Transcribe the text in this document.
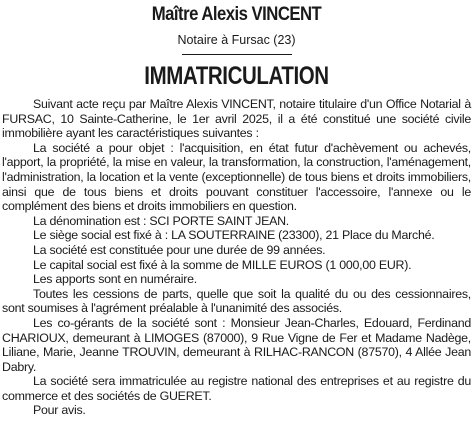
Maître Alexis VINCENT
Notaire à Fursac (23)
IMMATRICULATION

Suivant acte reçu par Maître Alexis VINCENT, notaire titulaire d'un Office Notarial à FURSAC, 10 Sainte-Catherine, le 1er avril 2025, il a été constitué une société civile immobilière ayant les caractéristiques suivantes :

La société a pour objet : l'acquisition, en état futur d'achèvement ou achevés, l'apport, la propriété, la mise en valeur, la transformation, la construction, l'aménagement, l'administration, la location et la vente (exceptionnelle) de tous biens et droits immobiliers, ainsi que de tous biens et droits pouvant constituer l'accessoire, l'annexe ou le complément des biens et droits immobiliers en question.

La dénomination est : SCI PORTE SAINT JEAN.

Le siège social est fixé à : LA SOUTERRAINE (23300), 21 Place du Marché.

La société est constituée pour une durée de 99 années.

Le capital social est fixé à la somme de MILLE EUROS (1 000,00 EUR).

Les apports sont en numéraire.

Toutes les cessions de parts, quelle que soit la qualité du ou des cessionnaires, sont soumises à l'agrément préalable à l'unanimité des associés.

Les co-gérants de la société sont : Monsieur Jean-Charles, Edouard, Ferdinand CHARIOUX, demeurant à LIMOGES (87000), 9 Rue Vigne de Fer et Madame Nadège, Liliane, Marie, Jeanne TROUVIN, demeurant à RILHAC-RANCON (87570), 4 Allée Jean Dabry.

La société sera immatriculée au registre national des entreprises et au registre du commerce et des sociétés de GUERET.

Pour avis.
